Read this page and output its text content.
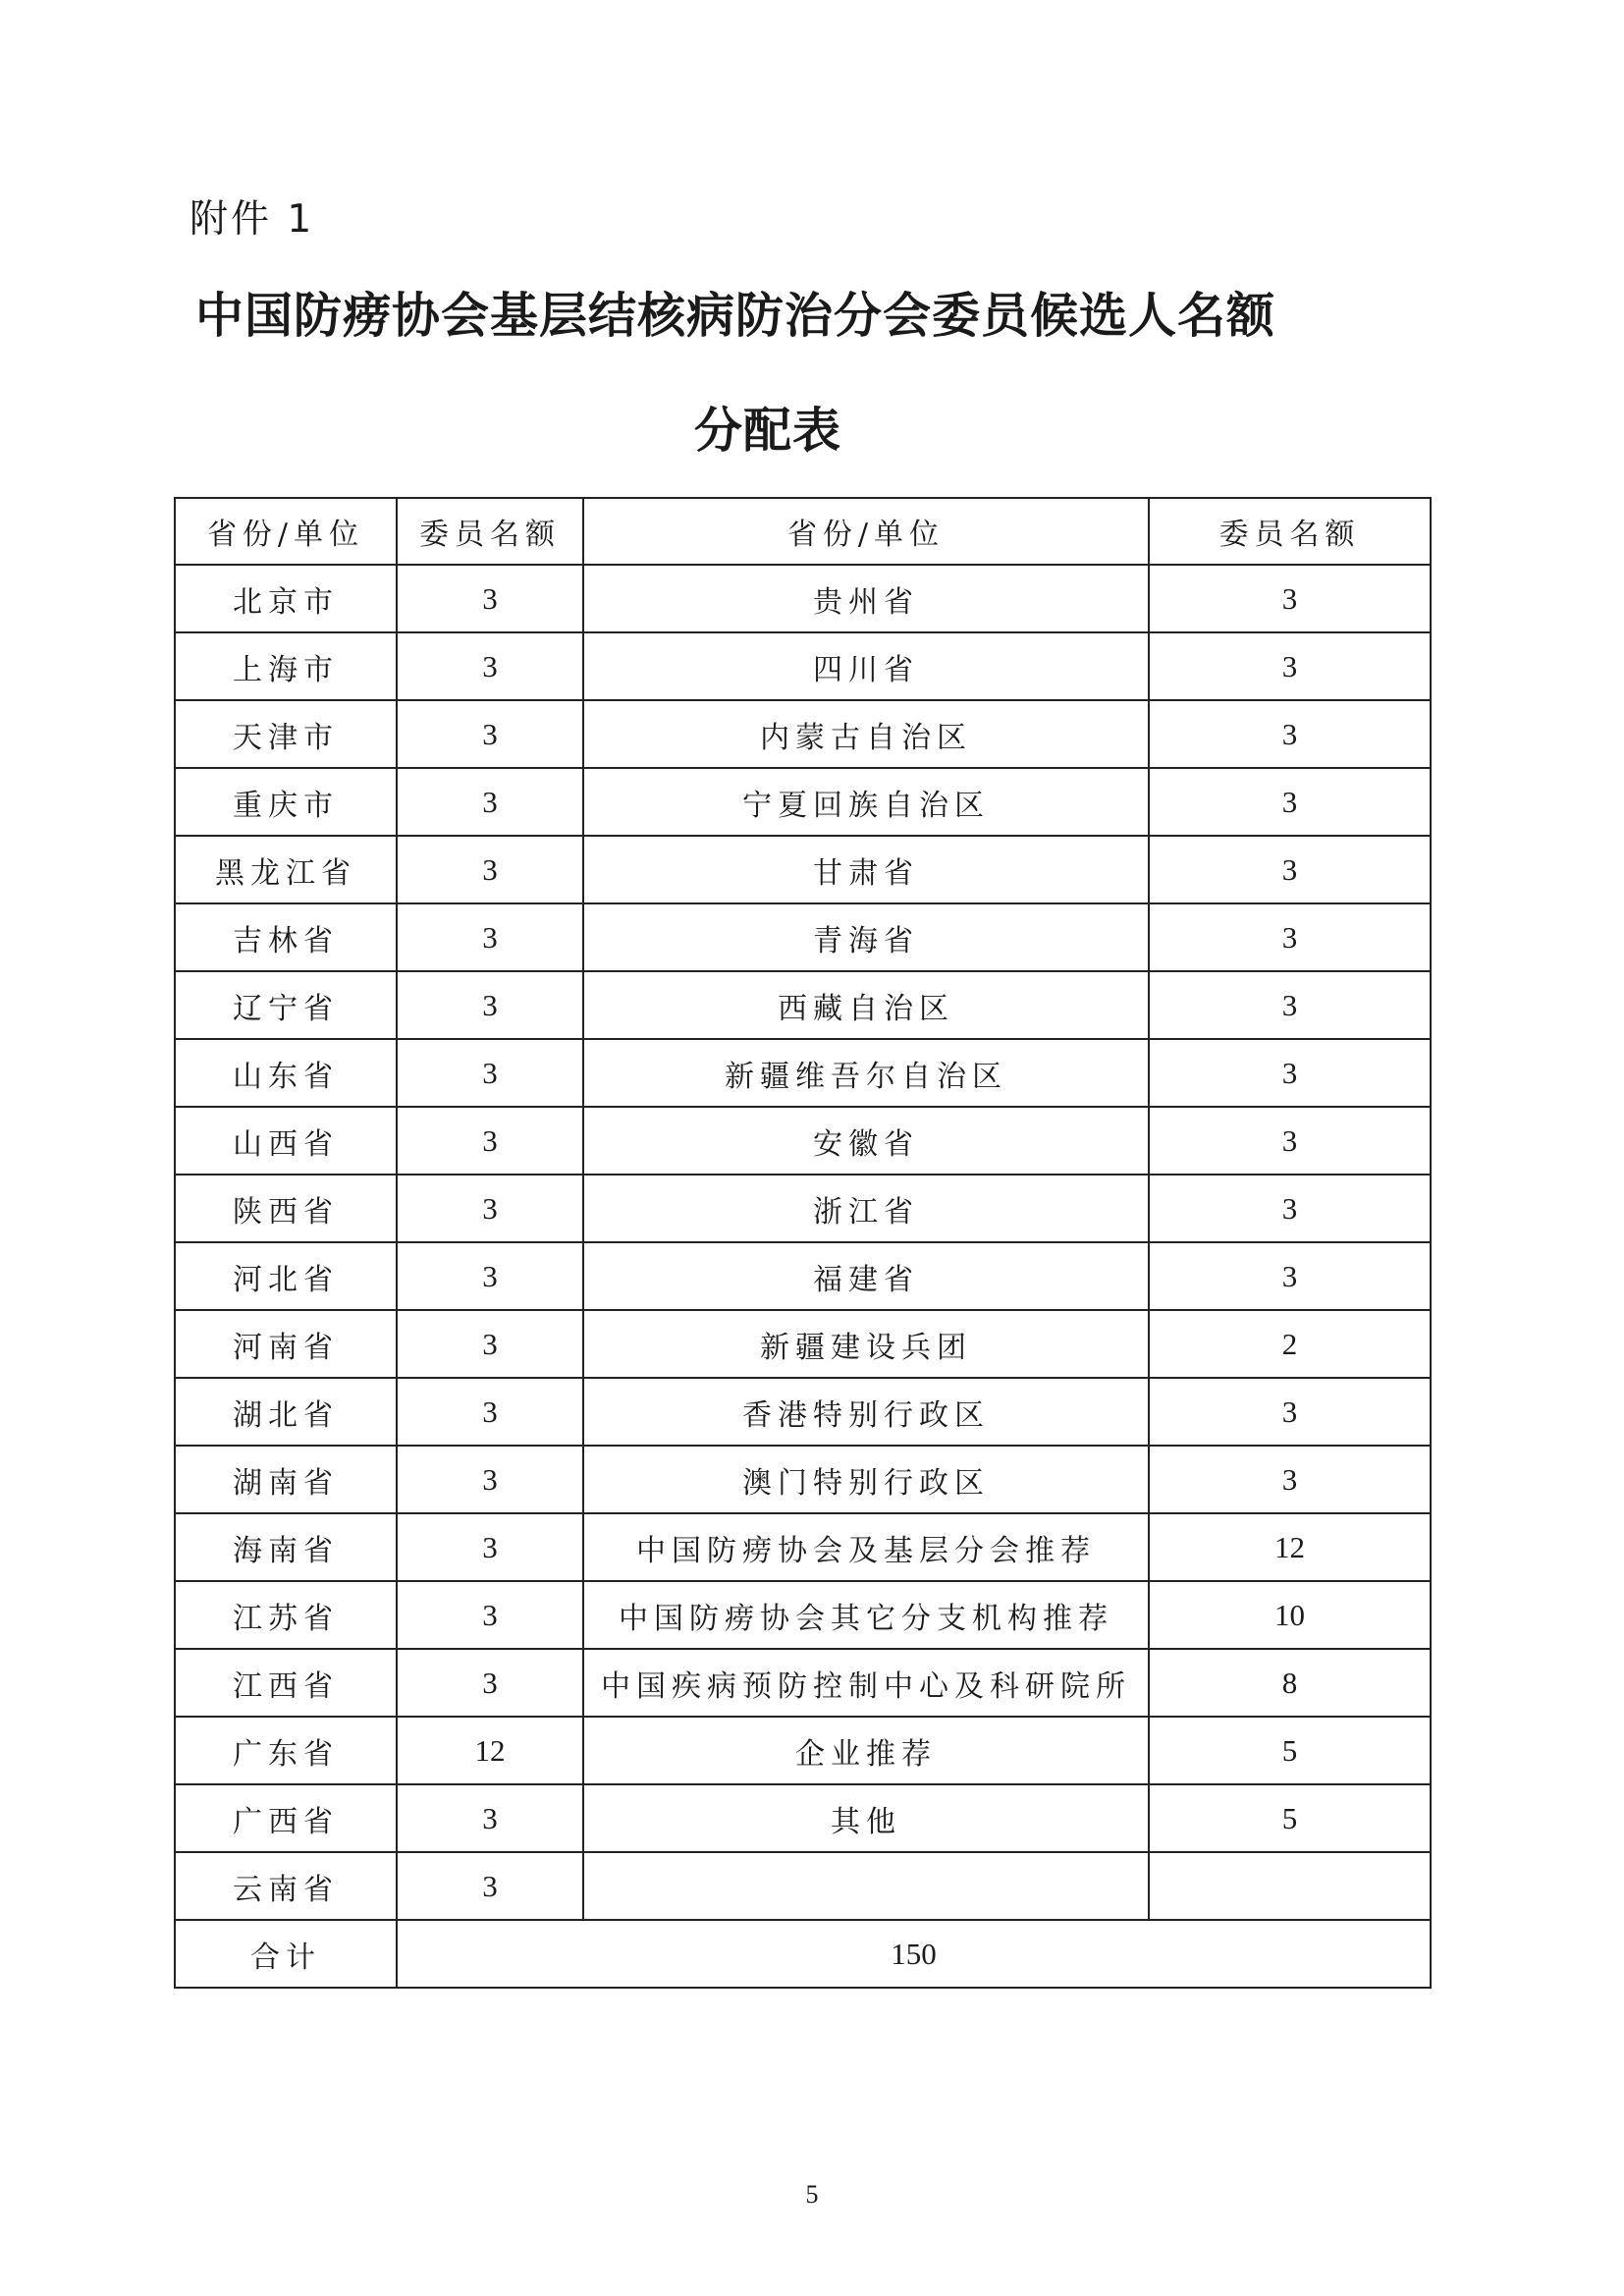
附件 1
中国防痨协会基层结核病防治分会委员候选人名额
分配表
省份/单位	委员名额	省份/单位	委员名额
北京市	3	贵州省	3
上海市	3	四川省	3
天津市	3	内蒙古自治区	3
重庆市	3	宁夏回族自治区	3
黑龙江省	3	甘肃省	3
吉林省	3	青海省	3
辽宁省	3	西藏自治区	3
山东省	3	新疆维吾尔自治区	3
山西省	3	安徽省	3
陕西省	3	浙江省	3
河北省	3	福建省	3
河南省	3	新疆建设兵团	2
湖北省	3	香港特别行政区	3
湖南省	3	澳门特别行政区	3
海南省	3	中国防痨协会及基层分会推荐	12
江苏省	3	中国防痨协会其它分支机构推荐	10
江西省	3	中国疾病预防控制中心及科研院所	8
广东省	12	企业推荐	5
广西省	3	其他	5
云南省	3		
合计	150		
5
